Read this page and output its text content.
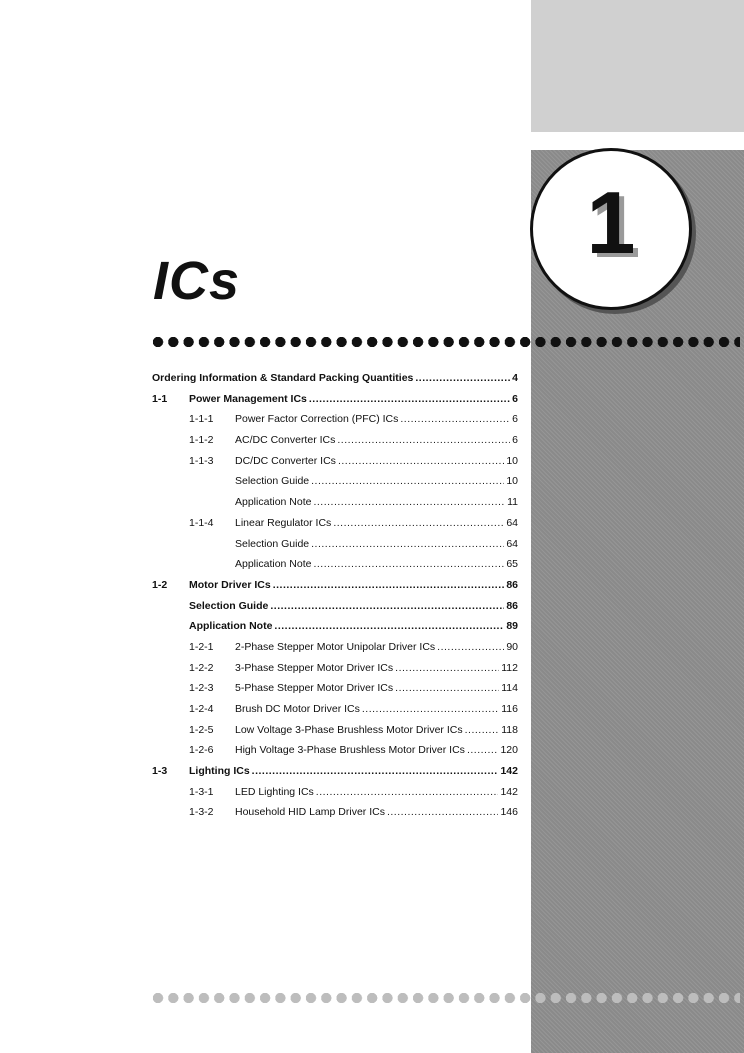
1
ICs
Ordering Information & Standard Packing Quantities .....	4
1-1	Power Management ICs .....	6
1-1-1	Power Factor Correction (PFC) ICs .....	6
1-1-2	AC/DC Converter ICs .....	6
1-1-3	DC/DC Converter ICs .....	10
Selection Guide .....	10
Application Note .....	11
1-1-4	Linear Regulator ICs .....	64
Selection Guide .....	64
Application Note .....	65
1-2	Motor Driver ICs .....	86
Selection Guide .....	86
Application Note .....	89
1-2-1	2-Phase Stepper Motor Unipolar Driver ICs .....	90
1-2-2	3-Phase Stepper Motor Driver ICs .....	112
1-2-3	5-Phase Stepper Motor Driver ICs .....	114
1-2-4	Brush DC Motor Driver ICs .....	116
1-2-5	Low Voltage 3-Phase Brushless Motor Driver ICs .....	118
1-2-6	High Voltage 3-Phase Brushless Motor Driver ICs .....	120
1-3	Lighting ICs .....	142
1-3-1	LED Lighting ICs .....	142
1-3-2	Household HID Lamp Driver ICs .....	146
